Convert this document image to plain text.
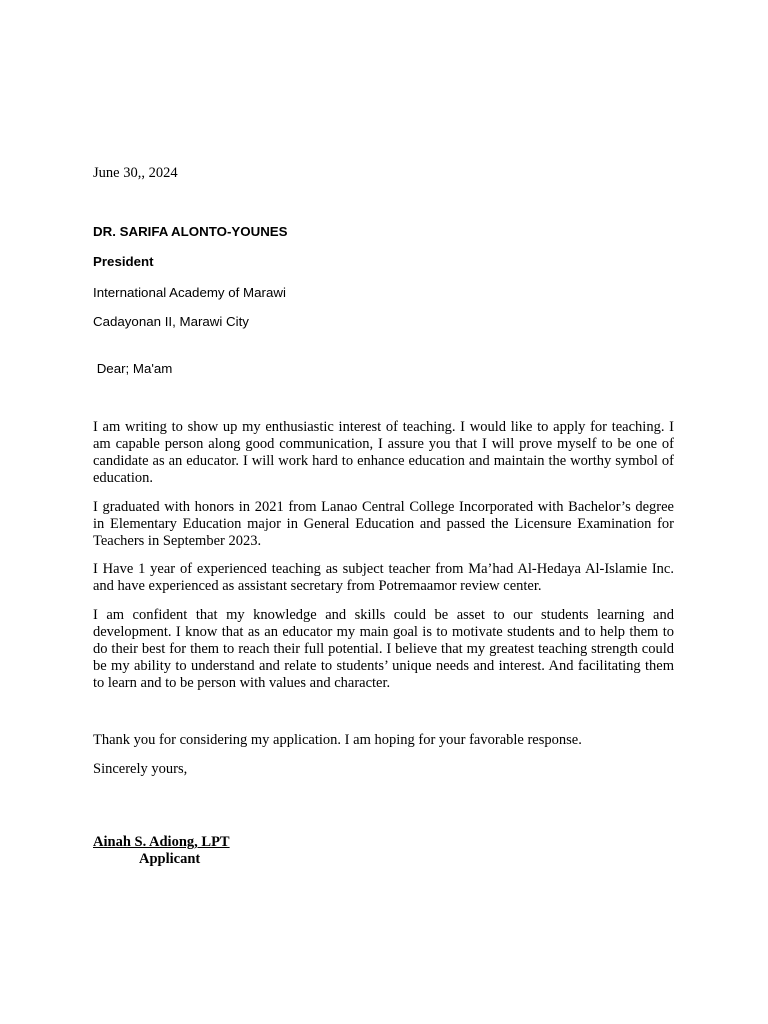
June 30,, 2024
DR. SARIFA ALONTO-YOUNES
President
International Academy of Marawi
Cadayonan II, Marawi City
Dear; Ma'am
I am writing to show up my enthusiastic interest of teaching. I would like to apply for teaching. I am capable person along good communication, I assure you that I will prove myself to be one of candidate as an educator. I will work hard to enhance education and maintain the worthy symbol of education.
I graduated with honors in 2021 from Lanao Central College Incorporated with Bachelor’s degree in Elementary Education major in General Education and passed the Licensure Examination for Teachers in September 2023.
I Have 1 year of experienced teaching as subject teacher from Ma’had Al-Hedaya Al-Islamie Inc. and have experienced as assistant secretary from Potremaamor review center.
I am confident that my knowledge and skills could be asset to our students learning and development. I know that as an educator my main goal is to motivate students and to help them to do their best for them to reach their full potential. I believe that my greatest teaching strength could be my ability to understand and relate to students’ unique needs and interest. And facilitating them to learn and to be person with values and character.
Thank you for considering my application. I am hoping for your favorable response.
Sincerely yours,
Ainah S. Adiong, LPT
Applicant
